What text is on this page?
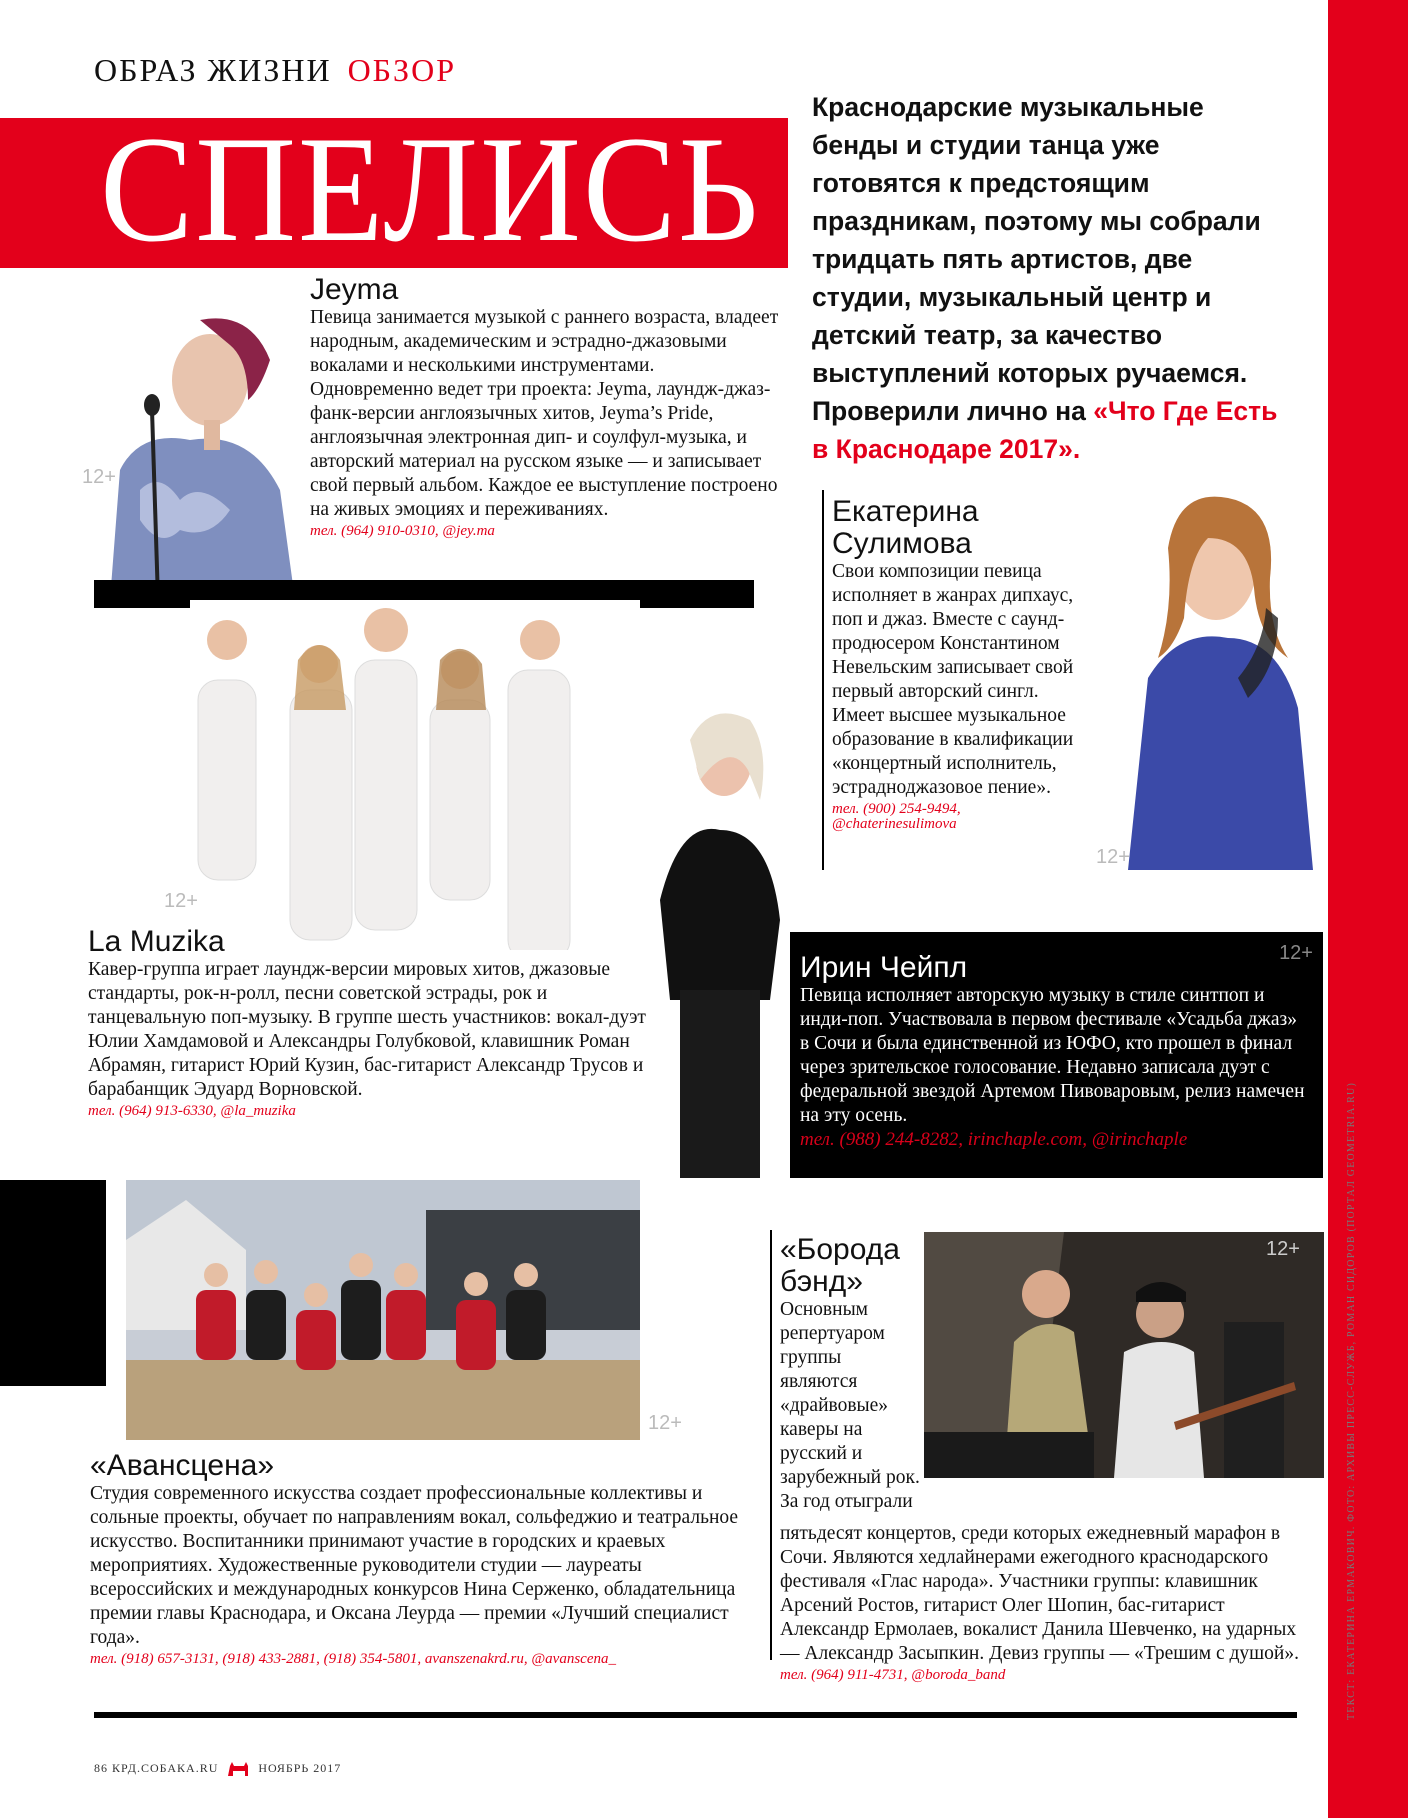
ОБРАЗ ЖИЗНИ ОБЗОР
СПЕЛИСЬ Краснодарские музыкальные бенды и студии танца уже готовятся к предстоящим праздникам, поэтому мы собрали тридцать пять артистов, две студии, музыкальный центр и детский театр, за качество выступлений которых ручаемся. Проверили лично на «Что Где Есть в Краснодаре 2017».
12+
Jeyma
Певица занимается музыкой с раннего возраста, владеет народным, академическим и эстрадно-джазовыми вокалами и несколькими инструментами. Одновременно ведет три проекта: Jeyma, лаундж-джаз-фанк-версии англоязычных хитов, Jeyma’s Pride, англоязычная электронная дип- и соулфул-музыка, и авторский материал на русском языке — и записывает свой первый альбом. Каждое ее выступление построено на живых эмоциях и переживаниях.
тел. (964) 910-0310, @jey.ma
Екатерина
Сулимова
Свои композиции певица исполняет в жанрах дипхаус, поп и джаз. Вместе с саунд-продюсером Константином Невельским записывает свой первый авторский сингл. Имеет высшее музыкальное образование в квалификации «концертный исполнитель, эстрадноджазовое пение».
тел. (900) 254-9494,
@chaterinesulimova
12+
12+
La Muzika
Кавер-группа играет лаундж-версии мировых хитов, джазовые стандарты, рок-н-ролл, песни советской эстрады, рок и танцевальную поп-музыку. В группе шесть участников: вокал-дуэт Юлии Хамдамовой и Александры Голубковой, клавишник Роман Абрамян, гитарист Юрий Кузин, бас-гитарист Александр Трусов и барабанщик Эдуард Ворновской.
тел. (964) 913-6330, @la_muzika
12+
Ирин Чейпл
Певица исполняет авторскую музыку в стиле синтпоп и инди-поп. Участвовала в первом фестивале «Усадьба джаз» в Сочи и была единственной из ЮФО, кто прошел в финал через зрительское голосование. Недавно записала дуэт с федеральной звездой Артемом Пивоваровым, релиз намечен на эту осень.
тел. (988) 244-8282, irinchaple.com, @irinchaple
12+
«Авансцена»
Студия современного искусства создает профессиональные коллективы и сольные проекты, обучает по направлениям вокал, сольфеджио и театральное искусство. Воспитанники принимают участие в городских и краевых мероприятиях. Художественные руководители студии — лауреаты всероссийских и международных конкурсов Нина Серженко, обладательница премии главы Краснодара, и Оксана Леурда — премии «Лучший специалист года».
тел. (918) 657-3131, (918) 433-2881, (918) 354-5801, avanszenakrd.ru, @avanscena_
«Борода
бэнд»
Основным репертуаром группы являются «драйвовые» каверы на русский и зарубежный рок. За год отыграли
пятьдесят концертов, среди которых ежедневный марафон в Сочи. Являются хедлайнерами ежегодного краснодарского фестиваля «Глас народа». Участники группы: клавишник Арсений Ростов, гитарист Олег Шопин, бас-гитарист Александр Ермолаев, вокалист Данила Шевченко, на ударных — Александр Засыпкин. Девиз группы — «Трешим с душой».
тел. (964) 911-4731, @boroda_band
12+	ТЕКСТ: ЕКАТЕРИНА ЕРМАКОВИЧ. ФОТО: АРХИВЫ ПРЕСС-СЛУЖБ, РОМАН СИДОРОВ (ПОРТАЛ GEOMETRIA.RU)
86 КРД.СОБАКА.RU	НОЯБРЬ 2017
